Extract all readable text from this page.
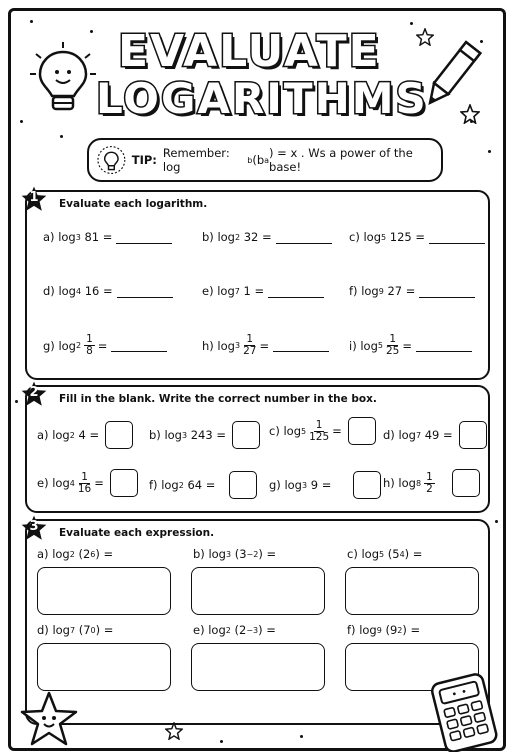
EVALUATE
LOGARITHMS
TIP: Remember: log	b (b a ) = x . Ws a power of the base!
1	Evaluate each logarithm.
a) log 3
81 =	b) log 2
32 =	c) log 5
125 =
d) log 4
16 =	e) log 7
1 =	f) log 9
27 =
g) $\log 2 \frac{1}{8}$ =	h) $\log 3 \frac{1}{27}$ =	i) $\log 5 \frac{1}{25}$ =
2	Fill in the blank. Write the correct number in the box.
a) log 2
4 =	b) log 3
243 =	c) $\log 5 \frac{1}{125}$ =	d) log 7
49 =
e) $\log 4 \frac{1}{16}$ =	f) log 2
64 =	g) log 3
9 =	h) $\log 8 \frac{1}{2}$
3	Evaluate each expression.
a) log 2
(2 6 ) =	b) log 3
(3 −2 ) =	c) log 5
(5 4 ) =
d) log 7
(7 0 ) =	e) log 2
(2 −3 ) =	f) log 9
(9 2 ) =
